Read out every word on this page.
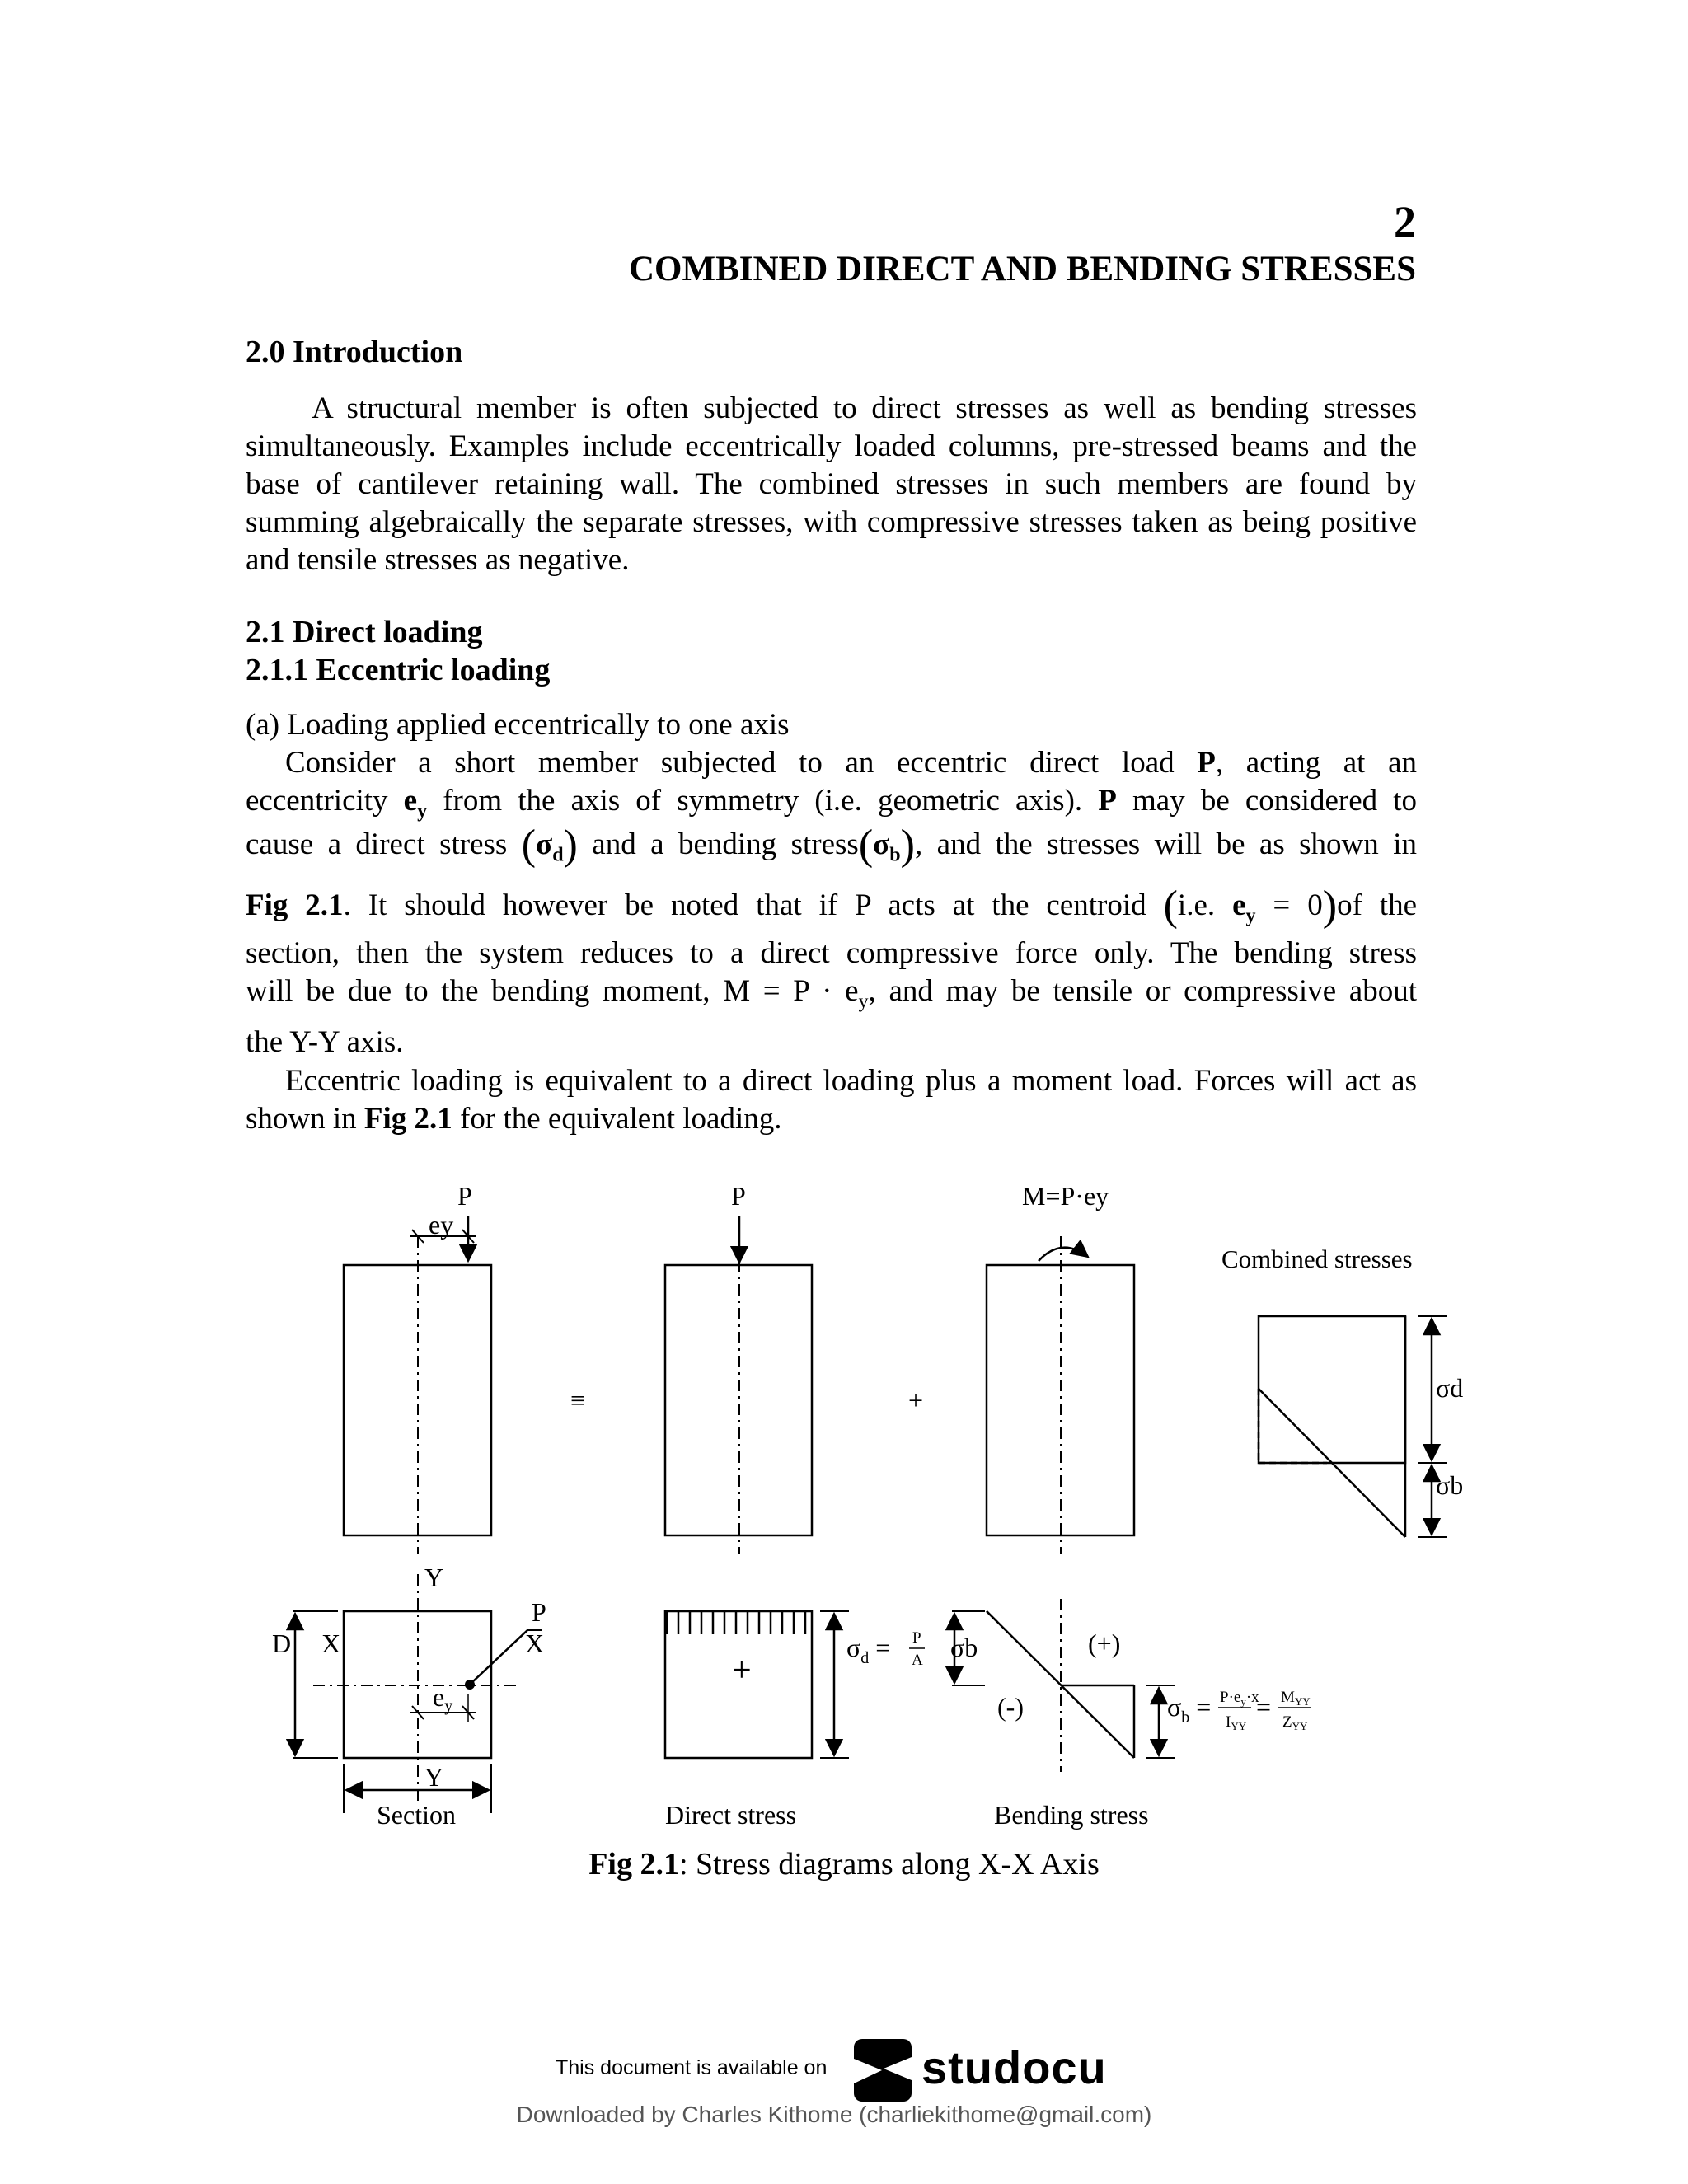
2
COMBINED DIRECT AND BENDING STRESSES
2.0 Introduction
A structural member is often subjected to direct stresses as well as bending stresses simultaneously. Examples include eccentrically loaded columns, pre-stressed beams and the base of cantilever retaining wall. The combined stresses in such members are found by summing algebraically the separate stresses, with compressive stresses taken as being positive and tensile stresses as negative.
2.1 Direct loading
2.1.1 Eccentric loading
(a) Loading applied eccentrically to one axis
Consider a short member subjected to an eccentric direct load P, acting at an
eccentricity $e_y$ from the axis of symmetry (i.e. geometric axis). P may be considered to
cause a direct stress $(\sigma_d)$ and a bending $stress(\sigma_b)$, and the stresses will be as shown in
Fig 2.1. It should however be noted that if P acts at the centroid (i.e. $e_y = 0)of$ the
section, then the system reduces to a direct compressive force only. The bending stress
will be due to the bending moment, $M = P \cdot e_y$, and may be tensile or compressive about
the Y-Y axis.
Eccentric loading is equivalent to a direct loading plus a moment load. Forces will act as shown in Fig 2.1 for the equivalent loading.
P
ey
P	M=P·ey
Combined stresses
≡	+	σd
σb
Y
Y
P
D X	X
ey
+
$\sigma_d = P$
A σb	(+)
(-)	$\sigma_b = P\cdot e_y\cdot x$
$I_{YY}$
= $M_{YY}$
$Z_{YY}$
Section	Direct stress	Bending stress
Fig 2.1: Stress diagrams along X-X Axis
This document is available on studocu
Downloaded by Charles Kithome (charliekithome@gmail.com)
